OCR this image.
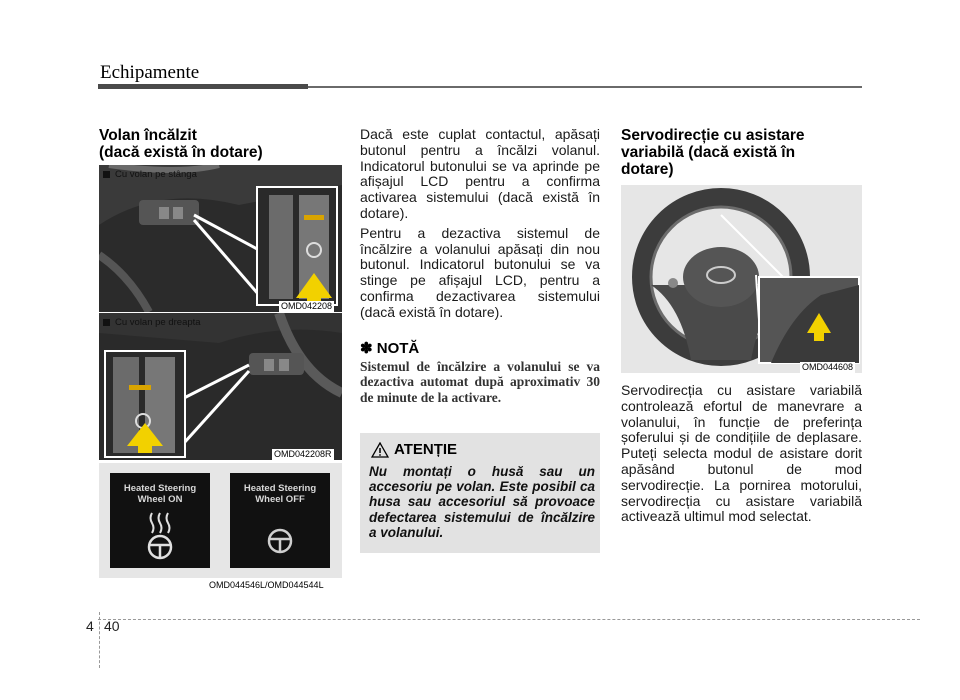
Echipamente
Volan încălzit
(dacă există în dotare)
Cu volan pe stânga
OMD042208
Cu volan pe dreapta
OMD042208R
Heated Steering
Wheel ON
Heated Steering
Wheel OFF
OMD044546L/OMD044544L

Dacă este cuplat contactul, apăsați butonul pentru a încălzi volanul. Indicatorul butonului se va aprinde pe afișajul LCD pentru a confirma activarea sistemului (dacă există în dotare).

Pentru a dezactiva sistemul de încălzire a volanului apăsați din nou butonul. Indicatorul butonului se va stinge pe afișajul LCD, pentru a confirma dezactivarea sistemului (dacă există în dotare).

✽ NOTĂ
Sistemul de încălzire a volanului se va dezactiva automat după aproximativ 30 de minute de la activare.
ATENȚIE
Nu montați o husă sau un accesoriu pe volan. Este posibil ca husa sau accesoriul să provoace defectarea sistemului de încălzire a volanului.
Servodirecție cu asistare
variabilă (dacă există în
dotare)
OMD044608
Servodirecția cu asistare variabilă controlează efortul de manevrare a volanului, în funcție de preferința șoferului și de condițiile de deplasare. Puteți selecta modul de asistare dorit apăsând butonul de mod servodirecție. La pornirea motorului, servodirecția cu asistare variabilă activează ultimul mod selectat.
4 40
